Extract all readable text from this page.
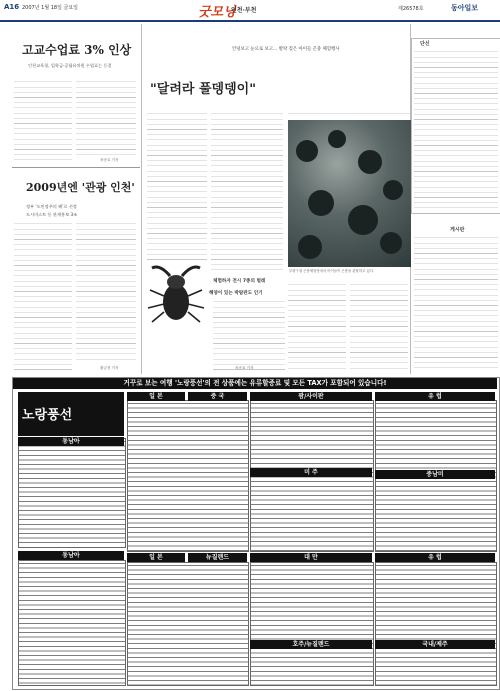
A16 2007년 1월 18일 금요일	굿모닝
인천·부천	제26578호	동아일보
고교수업료 3% 인상
인천교육청, 입학금·공립유치원 수업료는 동결
차준호 기자
2009년엔 '관광 인천'
정부 '도민정주의 해'로 선정
도시마스트 등 관계홍보 3조
황금천 기자
안녕보고 눈으로 보고… 발락 젖은 아이들 곤충 체험행사
"달려라 풀뎅뎅이"
체험하자 전시 7종의 벌레
해양이 있는 박람관도 인기
차준호 기자
부평구청 곤충체험전에서 아이들이 곤충을 관찰하고 있다.
단신
게시판
거꾸로 보는 여행 '노랑풍선'의 전 상품에는 유류할증료 및 모든 TAX가 포함되어 있습니다!
노랑풍선
동남아
일 본	중 국	괌/사이판	유 럽
미 주
일 본	뉴질랜드	대 만	유 럽
동남아
중남미
국내/제주
호주/뉴질랜드
